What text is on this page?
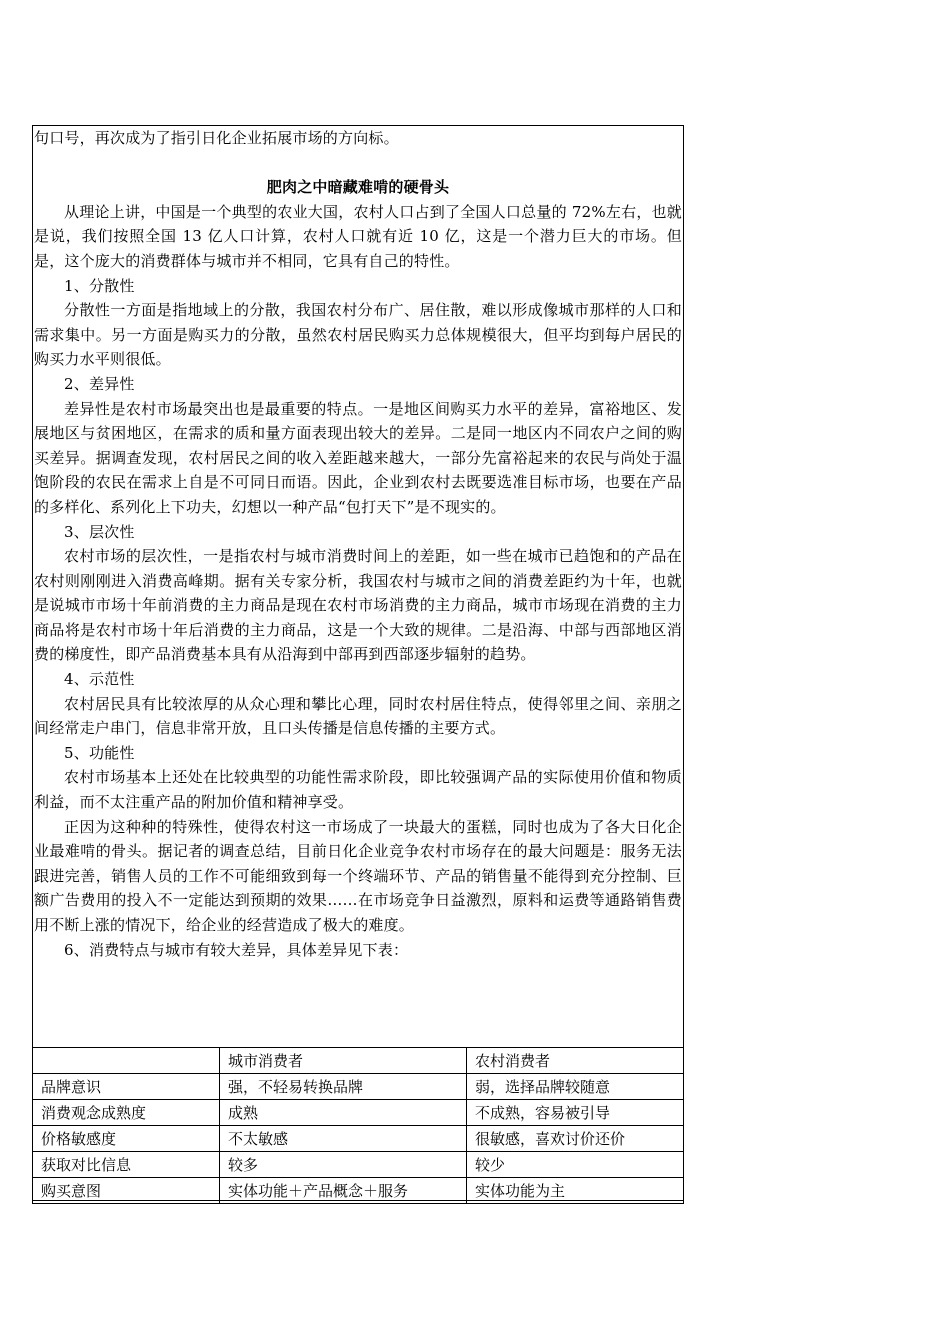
句口号，再次成为了指引日化企业拓展市场的方向标。

肥肉之中暗藏难啃的硬骨头

从理论上讲，中国是一个典型的农业大国，农村人口占到了全国人口总量的 72%左右，也就是说，我们按照全国 13 亿人口计算，农村人口就有近 10 亿，这是一个潜力巨大的市场。但是，这个庞大的消费群体与城市并不相同，它具有自己的特性。

1、分散性

分散性一方面是指地域上的分散，我国农村分布广、居住散，难以形成像城市那样的人口和需求集中。另一方面是购买力的分散，虽然农村居民购买力总体规模很大，但平均到每户居民的购买力水平则很低。

2、差异性

差异性是农村市场最突出也是最重要的特点。一是地区间购买力水平的差异，富裕地区、发展地区与贫困地区，在需求的质和量方面表现出较大的差异。二是同一地区内不同农户之间的购买差异。据调查发现，农村居民之间的收入差距越来越大，一部分先富裕起来的农民与尚处于温饱阶段的农民在需求上自是不可同日而语。因此，企业到农村去既要选准目标市场，也要在产品的多样化、系列化上下功夫，幻想以一种产品“包打天下”是不现实的。

3、层次性

农村市场的层次性，一是指农村与城市消费时间上的差距，如一些在城市已趋饱和的产品在农村则刚刚进入消费高峰期。据有关专家分析，我国农村与城市之间的消费差距约为十年，也就是说城市市场十年前消费的主力商品是现在农村市场消费的主力商品，城市市场现在消费的主力商品将是农村市场十年后消费的主力商品，这是一个大致的规律。二是沿海、中部与西部地区消费的梯度性，即产品消费基本具有从沿海到中部再到西部逐步辐射的趋势。

4、示范性

农村居民具有比较浓厚的从众心理和攀比心理，同时农村居住特点，使得邻里之间、亲朋之间经常走户串门，信息非常开放，且口头传播是信息传播的主要方式。

5、功能性

农村市场基本上还处在比较典型的功能性需求阶段，即比较强调产品的实际使用价值和物质利益，而不太注重产品的附加价值和精神享受。

正因为这种种的特殊性，使得农村这一市场成了一块最大的蛋糕，同时也成为了各大日化企业最难啃的骨头。据记者的调查总结，目前日化企业竞争农村市场存在的最大问题是：服务无法跟进完善，销售人员的工作不可能细致到每一个终端环节、产品的销售量不能得到充分控制、巨额广告费用的投入不一定能达到预期的效果……在市场竞争日益激烈，原料和运费等通路销售费用不断上涨的情况下，给企业的经营造成了极大的难度。

6、消费特点与城市有较大差异，具体差异见下表：

	城市消费者	农村消费者
品牌意识	强，不轻易转换品牌	弱，选择品牌较随意
消费观念成熟度	成熟	不成熟，容易被引导
价格敏感度	不太敏感	很敏感，喜欢讨价还价
获取对比信息	较多	较少
购买意图	实体功能＋产品概念＋服务	实体功能为主
